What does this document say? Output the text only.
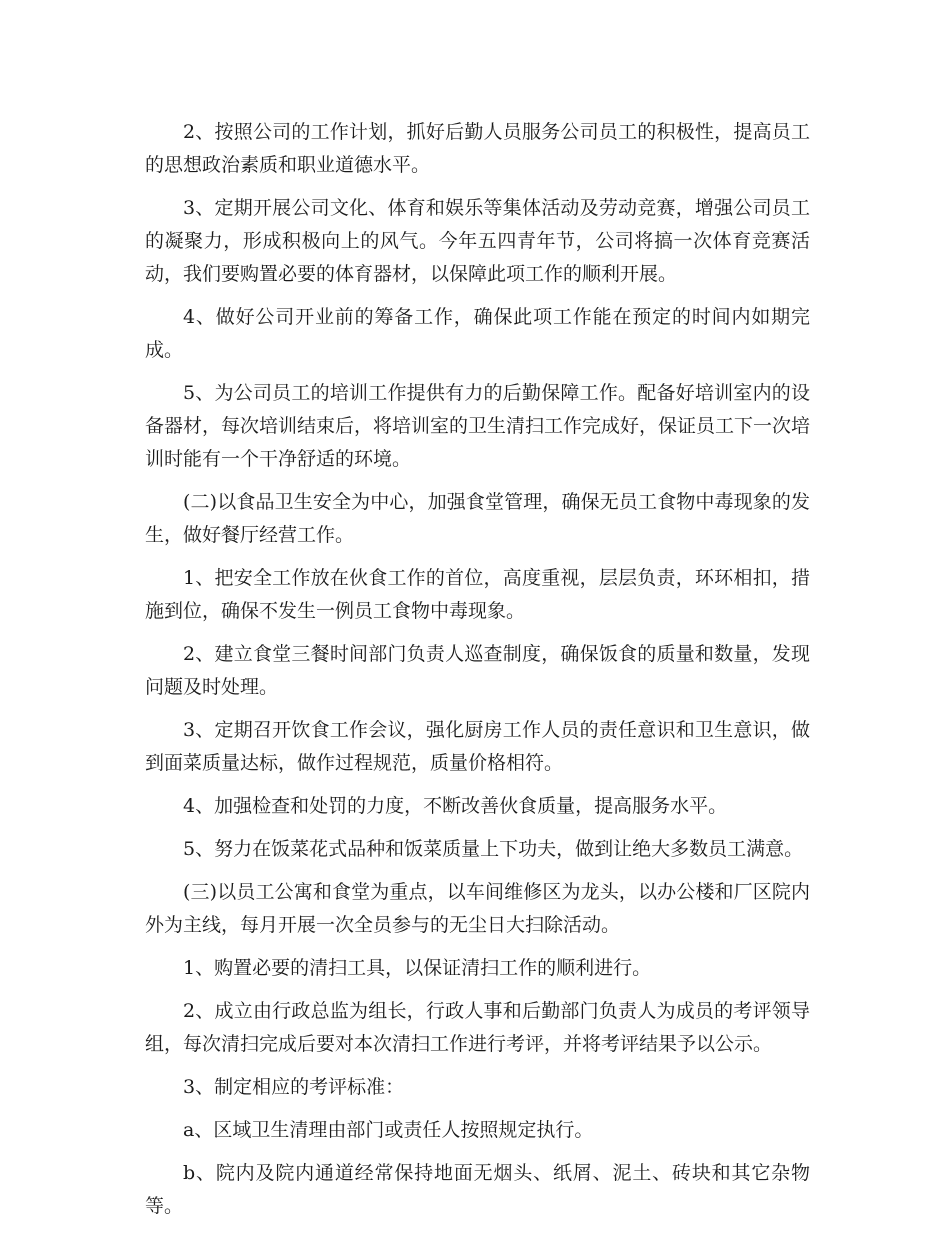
2、按照公司的工作计划，抓好后勤人员服务公司员工的积极性，提高员工的思想政治素质和职业道德水平。

3、定期开展公司文化、体育和娱乐等集体活动及劳动竞赛，增强公司员工的凝聚力，形成积极向上的风气。今年五四青年节，公司将搞一次体育竞赛活动，我们要购置必要的体育器材，以保障此项工作的顺利开展。

4、做好公司开业前的筹备工作，确保此项工作能在预定的时间内如期完成。

5、为公司员工的培训工作提供有力的后勤保障工作。配备好培训室内的设备器材，每次培训结束后，将培训室的卫生清扫工作完成好，保证员工下一次培训时能有一个干净舒适的环境。

(二)以食品卫生安全为中心，加强食堂管理，确保无员工食物中毒现象的发生，做好餐厅经营工作。

1、把安全工作放在伙食工作的首位，高度重视，层层负责，环环相扣，措施到位，确保不发生一例员工食物中毒现象。

2、建立食堂三餐时间部门负责人巡查制度，确保饭食的质量和数量，发现问题及时处理。

3、定期召开饮食工作会议，强化厨房工作人员的责任意识和卫生意识，做到面菜质量达标，做作过程规范，质量价格相符。

4、加强检查和处罚的力度，不断改善伙食质量，提高服务水平。

5、努力在饭菜花式品种和饭菜质量上下功夫，做到让绝大多数员工满意。

(三)以员工公寓和食堂为重点，以车间维修区为龙头，以办公楼和厂区院内外为主线，每月开展一次全员参与的无尘日大扫除活动。

1、购置必要的清扫工具，以保证清扫工作的顺利进行。

2、成立由行政总监为组长，行政人事和后勤部门负责人为成员的考评领导组，每次清扫完成后要对本次清扫工作进行考评，并将考评结果予以公示。

3、制定相应的考评标准：

a、区域卫生清理由部门或责任人按照规定执行。

b、院内及院内通道经常保持地面无烟头、纸屑、泥土、砖块和其它杂物等。
